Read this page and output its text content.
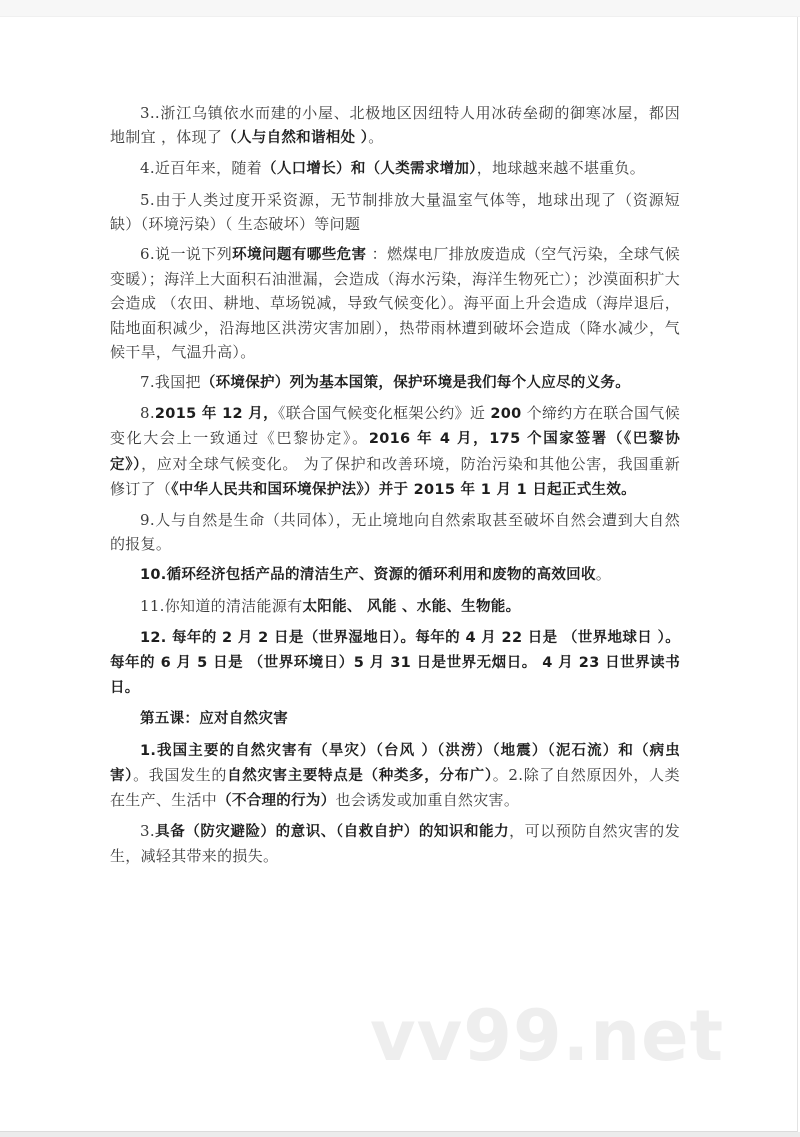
3..浙江乌镇依水而建的小屋、北极地区因纽特人用冰砖垒砌的御寒冰屋，都因地制宜 ，体现了（人与自然和谐相处 ）。

4.近百年来，随着（人口增长）和（人类需求增加），地球越来越不堪重负。

5.由于人类过度开采资源，无节制排放大量温室气体等，地球出现了（资源短缺）（环境污染）（ 生态破坏）等问题

6.说一说下列环境问题有哪些危害 ：燃煤电厂排放废造成（空气污染，全球气候变暖）；海洋上大面积石油泄漏，会造成（海水污染，海洋生物死亡）；沙漠面积扩大会造成 （农田、耕地、草场锐减，导致气候变化）。海平面上升会造成（海岸退后，陆地面积减少，沿海地区洪涝灾害加剧），热带雨林遭到破坏会造成（降水减少，气候干旱，气温升高）。

7.我国把（环境保护）列为基本国策，保护环境是我们每个人应尽的义务。

8.2015 年 12 月，《联合国气候变化框架公约》近 200 个缔约方在联合国气候变化大会上一致通过《巴黎协定》。2016 年 4 月，175 个国家签署（《巴黎协定》），应对全球气候变化。 为了保护和改善环境，防治污染和其他公害，我国重新修订了（《中华人民共和国环境保护法》）并于 2015 年 1 月 1 日起正式生效。

9.人与自然是生命（共同体），无止境地向自然索取甚至破坏自然会遭到大自然的报复。

10.循环经济包括产品的清洁生产、资源的循环利用和废物的高效回收。

11.你知道的清洁能源有太阳能、 风能 、水能、生物能。

12. 每年的 2 月 2 日是（世界湿地日）。每年的 4 月 22 日是 （世界地球日 ）。每年的 6 月 5 日是 （世界环境日）5 月 31 日是世界无烟日。 4 月 23 日世界读书日。

第五课：应对自然灾害

1.我国主要的自然灾害有（旱灾）（台风 ）（洪涝）（地震）（泥石流）和（病虫害）。我国发生的自然灾害主要特点是（种类多，分布广）。2.除了自然原因外，人类在生产、生活中（不合理的行为）也会诱发或加重自然灾害。

3.具备（防灾避险）的意识、（自救自护）的知识和能力，可以预防自然灾害的发生，减轻其带来的损失。

vv99.net
